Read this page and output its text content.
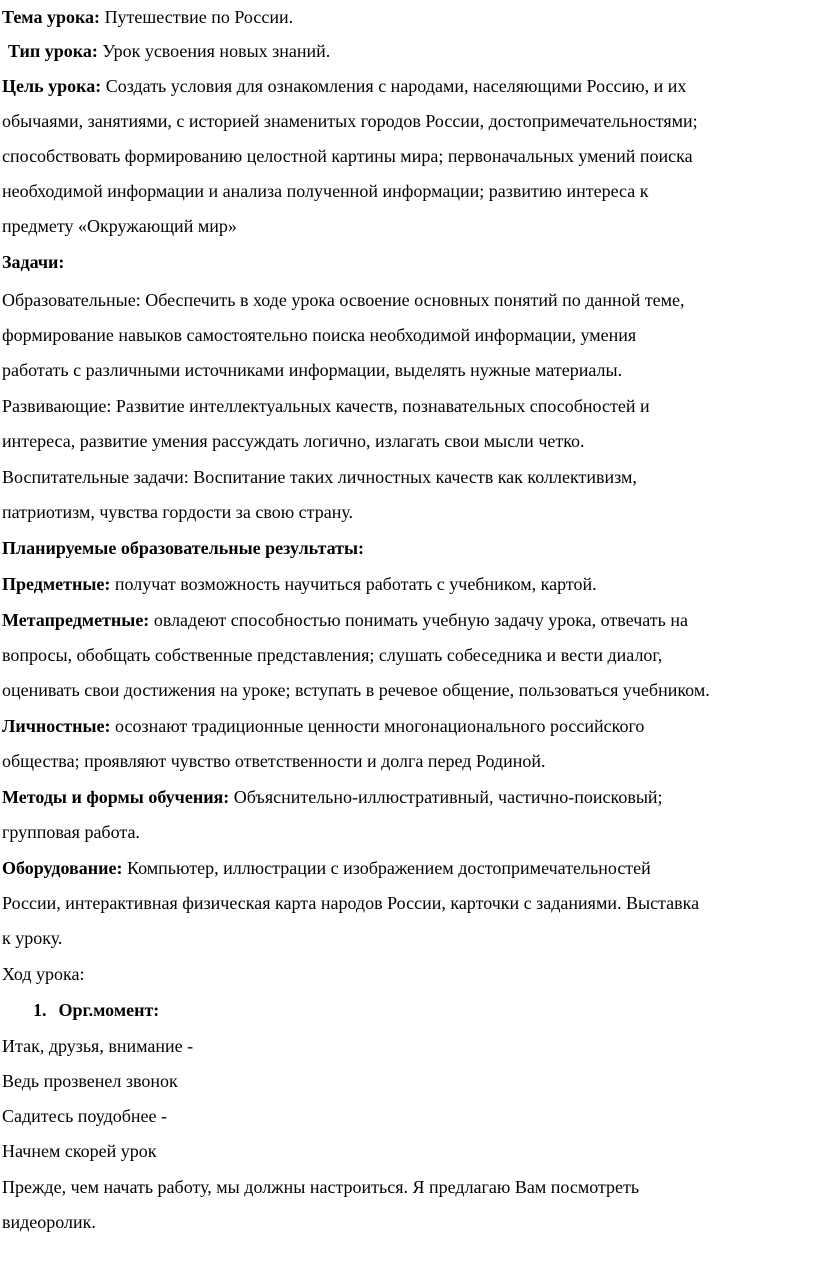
Тема урока: Путешествие по России.
Тип урока: Урок усвоения новых знаний.
Цель урока: Создать условия для ознакомления с народами, населяющими Россию, и их
обычаями, занятиями, с историей знаменитых городов России, достопримечательностями;
способствовать формированию целостной картины мира; первоначальных умений поиска
необходимой информации и анализа полученной информации; развитию интереса к
предмету «Окружающий мир»
Задачи:
Образовательные: Обеспечить в ходе урока освоение основных понятий по данной теме,
формирование навыков самостоятельно поиска необходимой информации, умения
работать с различными источниками информации, выделять нужные материалы.
Развивающие: Развитие интеллектуальных качеств, познавательных способностей и
интереса, развитие умения рассуждать логично, излагать свои мысли четко.
Воспитательные задачи: Воспитание таких личностных качеств как коллективизм,
патриотизм, чувства гордости за свою страну.
Планируемые образовательные результаты:
Предметные: получат возможность научиться работать с учебником, картой.
Метапредметные: овладеют способностью понимать учебную задачу урока, отвечать на
вопросы, обобщать собственные представления; слушать собеседника и вести диалог,
оценивать свои достижения на уроке; вступать в речевое общение, пользоваться учебником.
Личностные: осознают традиционные ценности многонационального российского
общества; проявляют чувство ответственности и долга перед Родиной.
Методы и формы обучения: Объяснительно-иллюстративный, частично-поисковый;
групповая работа.
Оборудование: Компьютер, иллюстрации с изображением достопримечательностей
России, интерактивная физическая карта народов России, карточки с заданиями. Выставка
к уроку.
Ход урока:
1. Орг.момент:
Итак, друзья, внимание -
Ведь прозвенел звонок
Садитесь поудобнее -
Начнем скорей урок
Прежде, чем начать работу, мы должны настроиться. Я предлагаю Вам посмотреть
видеоролик.
